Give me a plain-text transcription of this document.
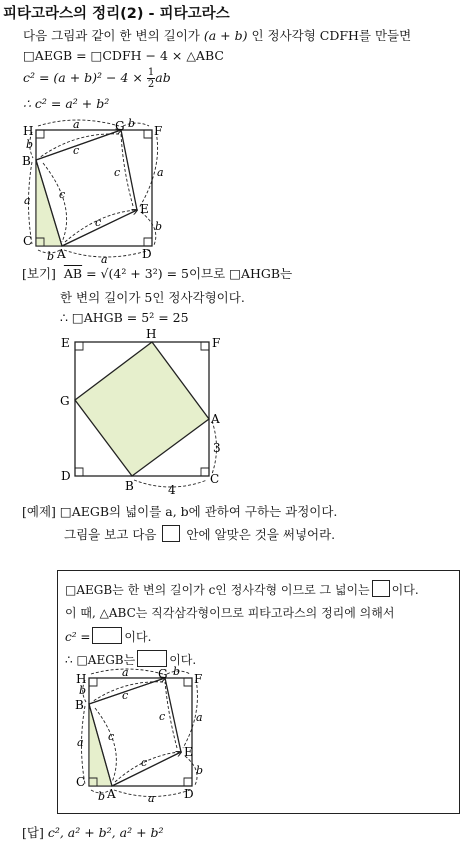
피타고라스의 정리(2) - 피타고라스
다음 그림과 같이 한 변의 길이가 (a + b) 인 정사각형 CDFH를 만들면
□AEGB = □CDFH − 4 × △ABC
$c^2 = (a + b)^2 - 4 \times \frac{1}{2}$ ab
∴ c² = a² + b²
H	G F
B
E
C
A	D
a	b
b
a	c
c
c
c
a
b
b	a
[보기] $\overline{AB} = √(4^2 + 3^2) = 5$이므로 □AHGB는
한 변의 길이가 5인 정사각형이다.
∴ □AHGB = 5² = 25
E
H
F
G
A
D
B	C
3
4
[예제] □AEGB의 넓이를 a, b에 관하여 구하는 과정이다.
그림을 보고 다음  안에 알맞은 것을 써넣어라.
□AEGB는 한 변의 길이가 c인 정사각형 이므로 그 넓이는 이다.
이 때, △ABC는 직각삼각형이므로 피타고라스의 정리에 의해서
c² =	이다.
∴ □AEGB는	이다.
H	G F
B
E
C
A	D
a	b
b
a c
c
c
c
a
b
b	a
[답] c², a² + b², a² + b²
